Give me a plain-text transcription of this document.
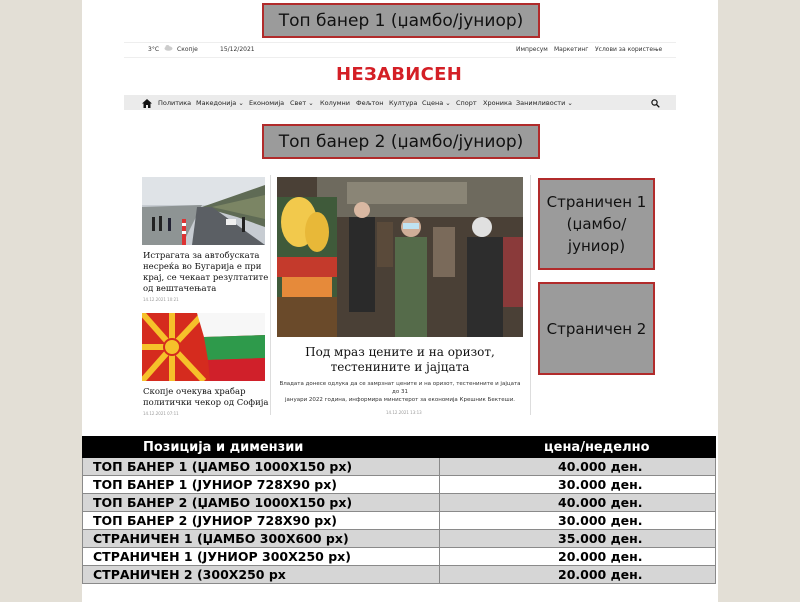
3°C	Скопје	15/12/2021	Импресум Маркетинг Услови за користење
НЕЗАВИСЕН
Политика Македонија ⌄ Економија Свет ⌄ Колумни Фељтон Култура Сцена ⌄ Спорт Хроника Занимливости ⌄
Топ банер 1 (џамбо/јуниор)
Топ банер 2 (џамбо/јуниор)
Страничен 1
(џамбо/
јуниор)
Страничен 2
Истрагата за автобуската
несреќа во Бугарија е при
крај, се чекаат резултатите
од вештачењата
14.12.2021 10:21
Скопје очекува храбар
политички чекор од Софија
14.12.2021 07:11
Под мраз цените и на оризот,
тестенините и јајцата
Владата донесе одлука да се замрзнат цените и на оризот, тестенините и јајцата до 31
јануари 2022 година, информира министерот за економија Крешник Бектеши.
14.12.2021 13:13
Позиција и димензии	цена/неделно
ТОП БАНЕР 1 (ЏАМБО 1000X150 px)	40.000 ден.
ТОП БАНЕР 1 (ЈУНИОР 728X90 px)	30.000 ден.
ТОП БАНЕР 2 (ЏАМБО 1000X150 px)	40.000 ден.
ТОП БАНЕР 2 (ЈУНИОР 728X90 px)	30.000 ден.
СТРАНИЧЕН 1 (ЏАМБО 300X600 px)	35.000 ден.
СТРАНИЧЕН 1 (ЈУНИОР 300X250 px)	20.000 ден.
СТРАНИЧЕН 2 (300X250 px	20.000 ден.
